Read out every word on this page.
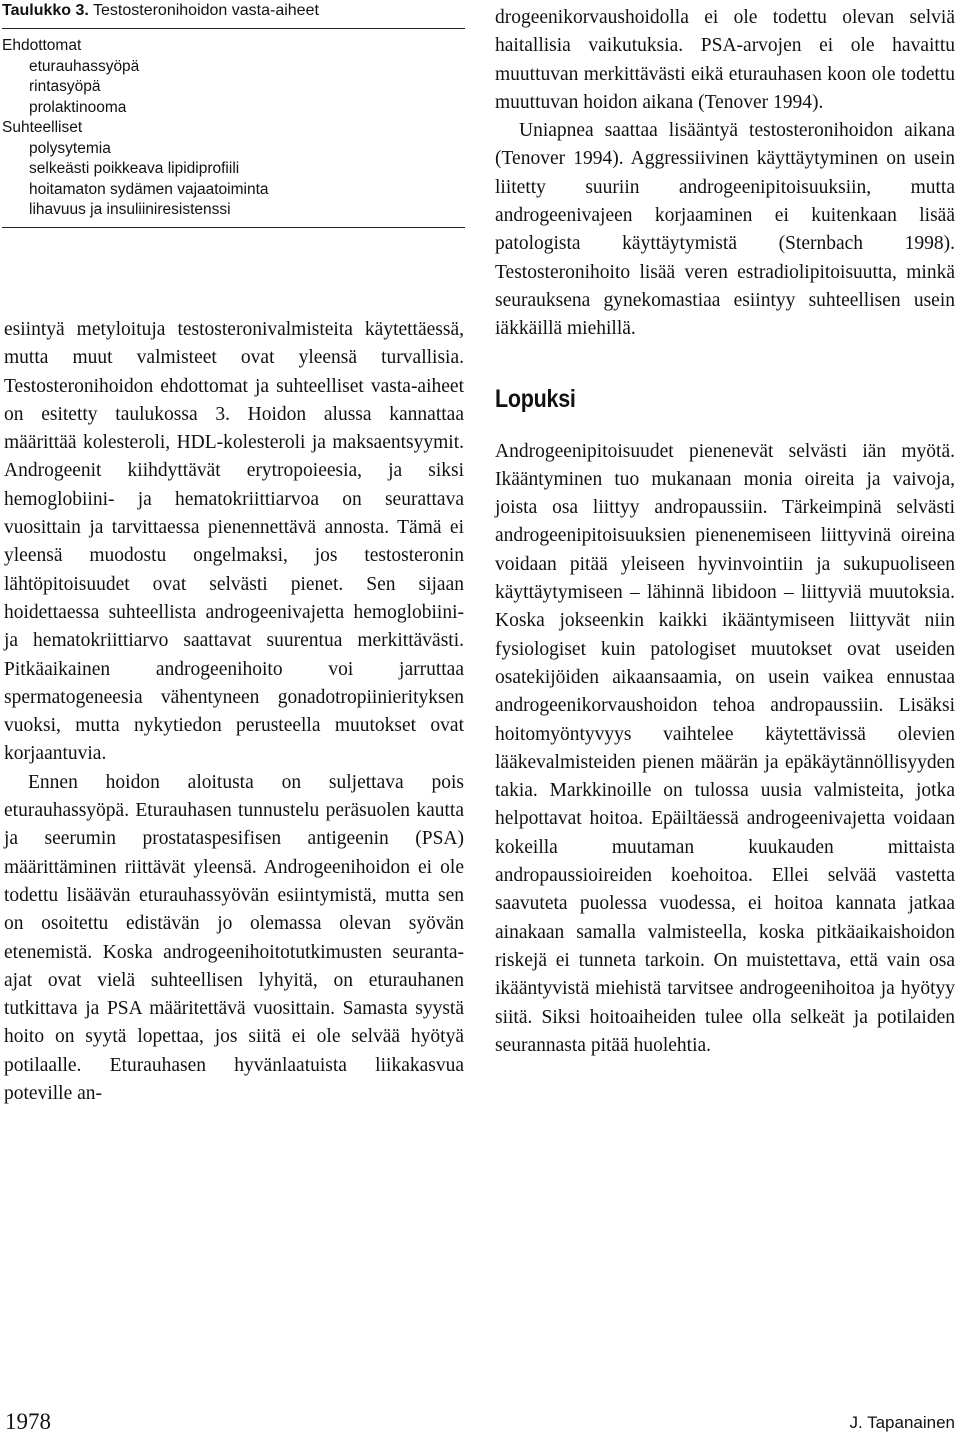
Taulukko 3. Testosteronihoidon vasta-aiheet
Ehdottomat
eturauhassyöpä
rintasyöpä
prolaktinooma
Suhteelliset
polysytemia
selkeästi poikkeava lipidiprofiili
hoitamaton sydämen vajaatoiminta
lihavuus ja insuliiniresistenssi

esiintyä metyloituja testosteronivalmisteita käytettäessä, mutta muut valmisteet ovat yleensä turvallisia. Testosteronihoidon ehdottomat ja suhteelliset vasta-aiheet on esitetty taulukossa 3. Hoidon alussa kannattaa määrittää kolesteroli, HDL-kolesteroli ja maksaentsyymit. Androgeenit kiihdyttävät erytropoieesia, ja siksi hemoglobiini- ja hematokriittiarvoa on seurattava vuosittain ja tarvittaessa pienennettävä annosta. Tämä ei yleensä muodostu ongelmaksi, jos testosteronin lähtöpitoisuudet ovat selvästi pienet. Sen sijaan hoidettaessa suhteellista androgeenivajetta hemoglobiini- ja hematokriittiarvo saattavat suurentua merkittävästi. Pitkäaikainen androgeenihoito voi jarruttaa spermatogeneesia vähentyneen gonadotropiinierityksen vuoksi, mutta nykytiedon perusteella muutokset ovat korjaantuvia.

Ennen hoidon aloitusta on suljettava pois eturauhassyöpä. Eturauhasen tunnustelu peräsuolen kautta ja seerumin prostataspesifisen antigeenin (PSA) määrittäminen riittävät yleensä. Androgeenihoidon ei ole todettu lisäävän eturauhassyövän esiintymistä, mutta sen on osoitettu edistävän jo olemassa olevan syövän etenemistä. Koska androgeenihoitotutkimusten seuranta-ajat ovat vielä suhteellisen lyhyitä, on eturauhanen tutkittava ja PSA määritettävä vuosittain. Samasta syystä hoito on syytä lopettaa, jos siitä ei ole selvää hyötyä potilaalle. Eturauhasen hyvänlaatuista liikakasvua poteville an-

drogeenikorvaushoidolla ei ole todettu olevan selviä haitallisia vaikutuksia. PSA-arvojen ei ole havaittu muuttuvan merkittävästi eikä eturauhasen koon ole todettu muuttuvan hoidon aikana (Tenover 1994).

Uniapnea saattaa lisääntyä testosteronihoidon aikana (Tenover 1994). Aggressiivinen käyttäytyminen on usein liitetty suuriin androgeenipitoisuuksiin, mutta androgeenivajeen korjaaminen ei kuitenkaan lisää patologista käyttäytymistä (Sternbach 1998). Testosteronihoito lisää veren estradiolipitoisuutta, minkä seurauksena gynekomastiaa esiintyy suhteellisen usein iäkkäillä miehillä.

Lopuksi

Androgeenipitoisuudet pienenevät selvästi iän myötä. Ikääntyminen tuo mukanaan monia oireita ja vaivoja, joista osa liittyy andropaussiin. Tärkeimpinä selvästi androgeenipitoisuuksien pienenemiseen liittyvinä oireina voidaan pitää yleiseen hyvinvointiin ja sukupuoliseen käyttäytymiseen – lähinnä libidoon – liittyviä muutoksia. Koska jokseenkin kaikki ikääntymiseen liittyvät niin fysiologiset kuin patologiset muutokset ovat useiden osatekijöiden aikaansaamia, on usein vaikea ennustaa androgeenikorvaushoidon tehoa andropaussiin. Lisäksi hoitomyöntyvyys vaihtelee käytettävissä olevien lääkevalmisteiden pienen määrän ja epäkäytännöllisyyden takia. Markkinoille on tulossa uusia valmisteita, jotka helpottavat hoitoa. Epäiltäessä androgeenivajetta voidaan kokeilla muutaman kuukauden mittaista andropaussioireiden koehoitoa. Ellei selvää vastetta saavuteta puolessa vuodessa, ei hoitoa kannata jatkaa ainakaan samalla valmisteella, koska pitkäaikaishoidon riskejä ei tunneta tarkoin. On muistettava, että vain osa ikääntyvistä miehistä tarvitsee androgeenihoitoa ja hyötyy siitä. Siksi hoitoaiheiden tulee olla selkeät ja potilaiden seurannasta pitää huolehtia.

1978	J. Tapanainen
